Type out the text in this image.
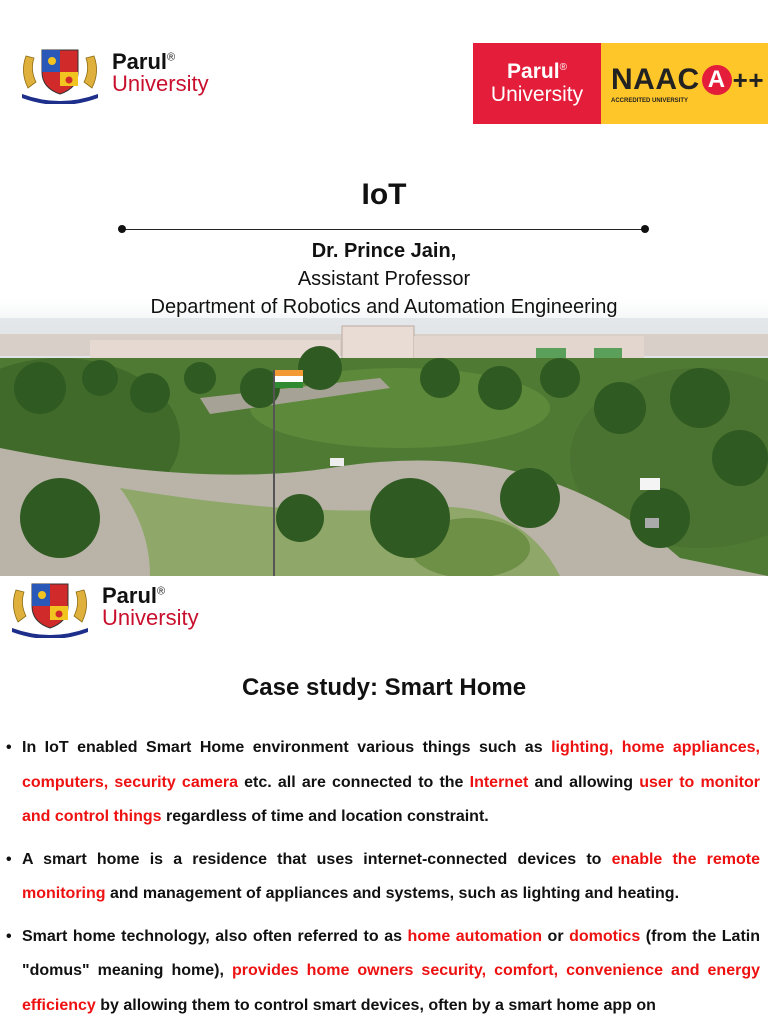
Parul®
University	Parul®
University NAAC A ++
ACCREDITED UNIVERSITY
IoT
Dr. Prince Jain,
Assistant Professor
Department of Robotics and Automation Engineering
Parul®
University
Case study: Smart Home
• In IoT enabled Smart Home environment various things such as lighting, home appliances, computers, security camera etc. all are connected to the Internet and allowing user to monitor and control things regardless of time and location constraint.
• A smart home is a residence that uses internet-connected devices to enable the remote monitoring and management of appliances and systems, such as lighting and heating.
• Smart home technology, also often referred to as home automation or domotics (from the Latin "domus" meaning home), provides home owners security, comfort, convenience and energy efficiency by allowing them to control smart devices, often by a smart home app on
